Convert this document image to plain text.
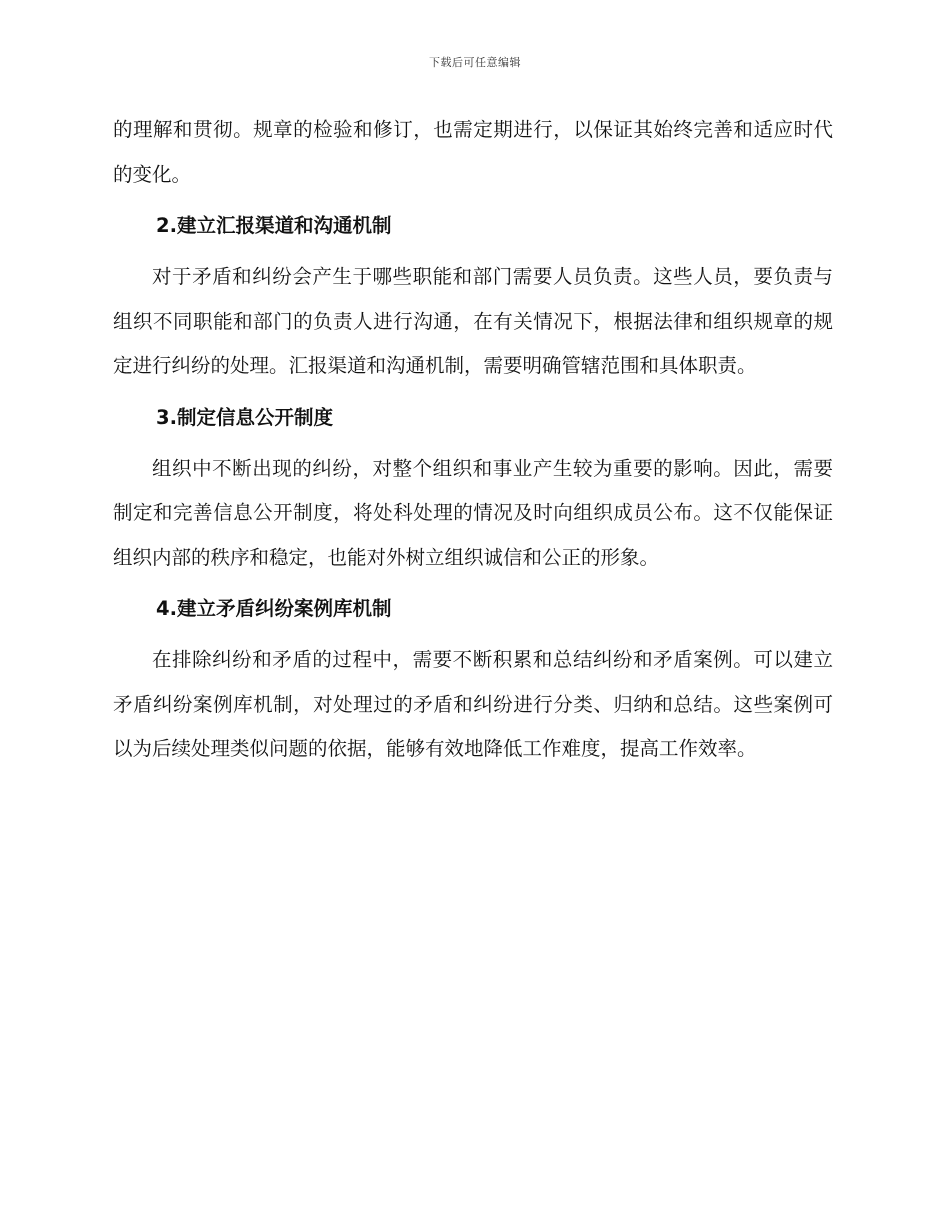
下载后可任意编辑

的理解和贯彻。规章的检验和修订，也需定期进行，以保证其始终完善和适应时代的变化。

2.建立汇报渠道和沟通机制

对于矛盾和纠纷会产生于哪些职能和部门需要人员负责。这些人员，要负责与组织不同职能和部门的负责人进行沟通，在有关情况下，根据法律和组织规章的规定进行纠纷的处理。汇报渠道和沟通机制，需要明确管辖范围和具体职责。

3.制定信息公开制度

组织中不断出现的纠纷，对整个组织和事业产生较为重要的影响。因此，需要制定和完善信息公开制度，将处科处理的情况及时向组织成员公布。这不仅能保证组织内部的秩序和稳定，也能对外树立组织诚信和公正的形象。

4.建立矛盾纠纷案例库机制

在排除纠纷和矛盾的过程中，需要不断积累和总结纠纷和矛盾案例。可以建立矛盾纠纷案例库机制，对处理过的矛盾和纠纷进行分类、归纳和总结。这些案例可以为后续处理类似问题的依据，能够有效地降低工作难度，提高工作效率。
